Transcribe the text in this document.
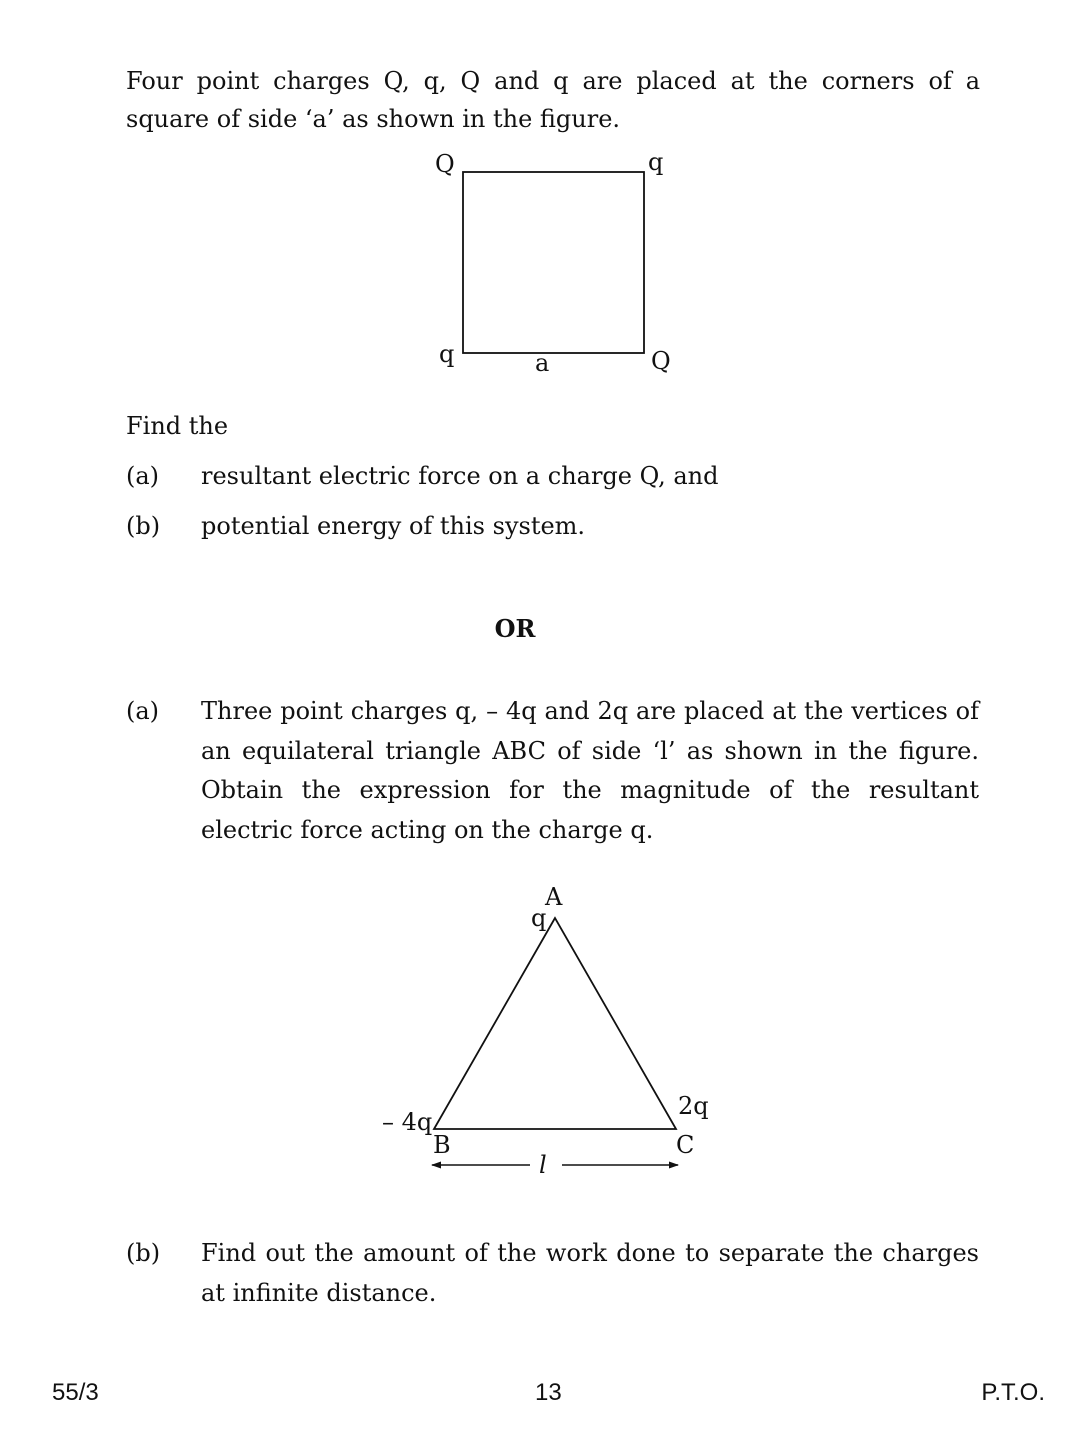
Four point charges Q, q, Q and q are placed at the corners of a square of side ‘a’ as shown in the figure.
Q	q
q	Q
a
Find the
(a) resultant electric force on a charge Q, and
(b) potential energy of this system.
OR
(a) Three point charges q, – 4q and 2q are placed at the vertices of an equilateral triangle ABC of side ‘l’ as shown in the figure. Obtain the expression for the magnitude of the resultant electric force acting on the charge q.
A
q
– 4q
B
2q
C
l
(b) Find out the amount of the work done to separate the charges at infinite distance.
55/3	13	P.T.O.
